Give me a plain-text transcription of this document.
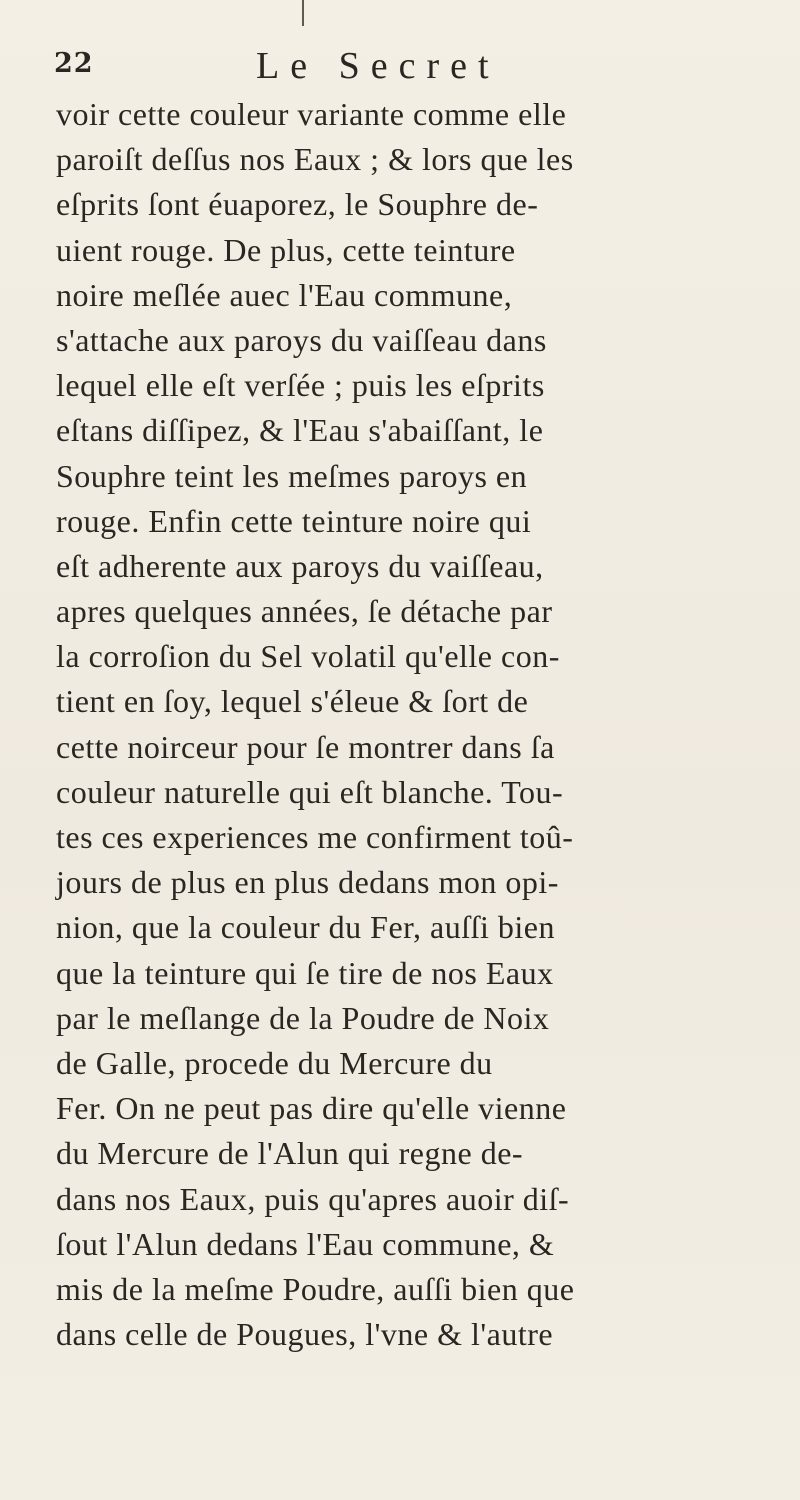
22	Le Secret
voir cette couleur variante comme elle
paroiſt deſſus nos Eaux ; & lors que les
eſprits ſont éuaporez, le Souphre de-
uient rouge. De plus, cette teinture
noire meſlée auec l'Eau commune,
s'attache aux paroys du vaiſſeau dans
lequel elle eſt verſée ; puis les eſprits
eſtans diſſipez, & l'Eau s'abaiſſant, le
Souphre teint les meſmes paroys en
rouge. Enfin cette teinture noire qui
eſt adherente aux paroys du vaiſſeau,
apres quelques années, ſe détache par
la corroſion du Sel volatil qu'elle con-
tient en ſoy, lequel s'éleue & ſort de
cette noirceur pour ſe montrer dans ſa
couleur naturelle qui eſt blanche. Tou-
tes ces experiences me confirment toû-
jours de plus en plus dedans mon opi-
nion, que la couleur du Fer, auſſi bien
que la teinture qui ſe tire de nos Eaux
par le meſlange de la Poudre de Noix
de Galle, procede du Mercure du
Fer. On ne peut pas dire qu'elle vienne
du Mercure de l'Alun qui regne de-
dans nos Eaux, puis qu'apres auoir diſ-
ſout l'Alun dedans l'Eau commune, &
mis de la meſme Poudre, auſſi bien que
dans celle de Pougues, l'vne & l'autre
